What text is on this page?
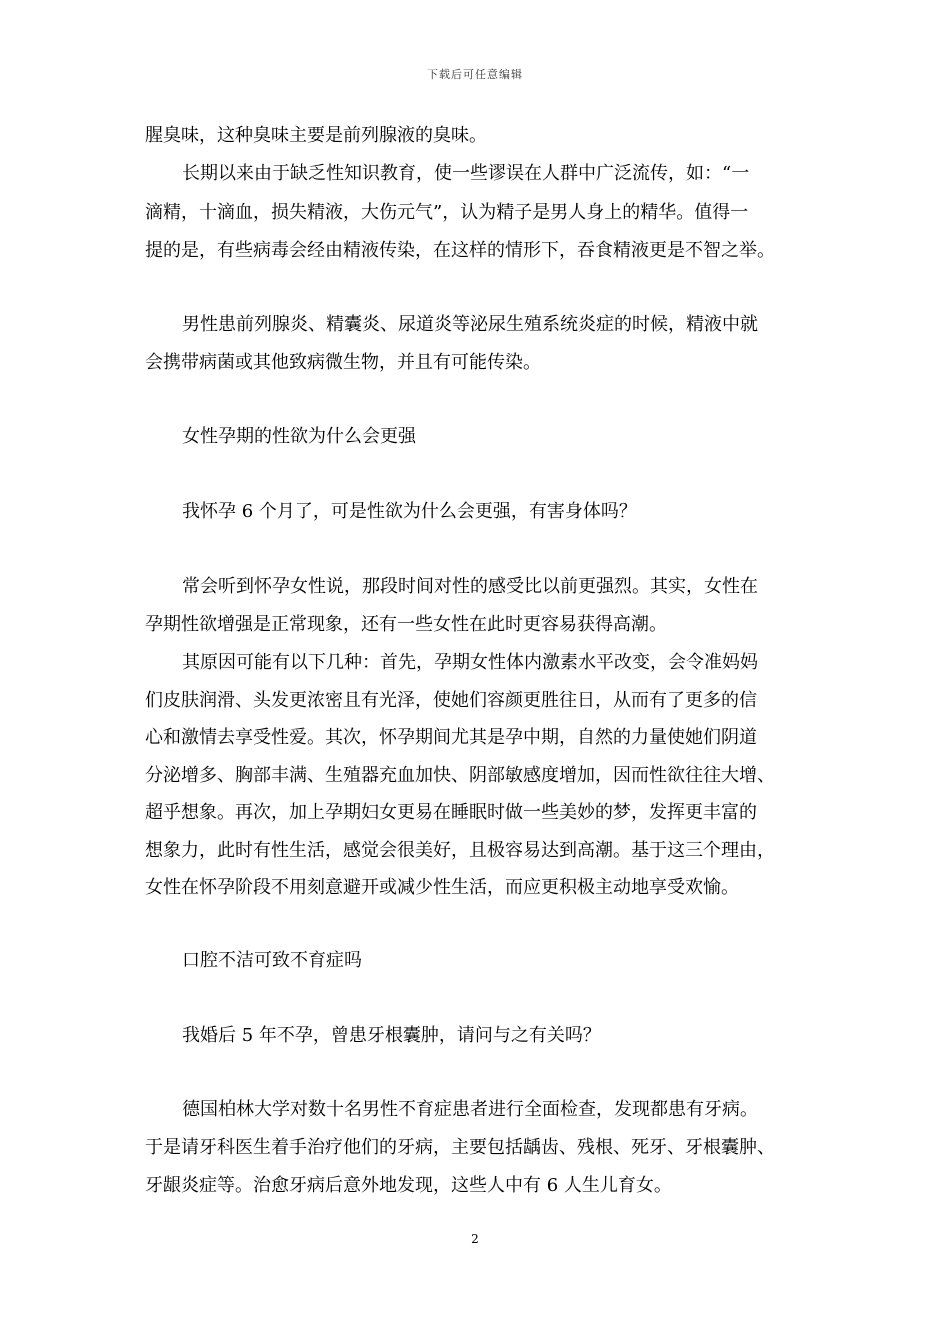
下载后可任意编辑
腥臭味，这种臭味主要是前列腺液的臭味。
长期以来由于缺乏性知识教育，使一些谬误在人群中广泛流传，如：“一
滴精，十滴血，损失精液，大伤元气”，认为精子是男人身上的精华。值得一
提的是，有些病毒会经由精液传染，在这样的情形下，吞食精液更是不智之举。
男性患前列腺炎、精囊炎、尿道炎等泌尿生殖系统炎症的时候，精液中就
会携带病菌或其他致病微生物，并且有可能传染。
女性孕期的性欲为什么会更强
我怀孕 6 个月了，可是性欲为什么会更强，有害身体吗？
常会听到怀孕女性说，那段时间对性的感受比以前更强烈。其实，女性在
孕期性欲增强是正常现象，还有一些女性在此时更容易获得高潮。
其原因可能有以下几种：首先，孕期女性体内激素水平改变，会令准妈妈
们皮肤润滑、头发更浓密且有光泽，使她们容颜更胜往日，从而有了更多的信
心和激情去享受性爱。其次，怀孕期间尤其是孕中期，自然的力量使她们阴道
分泌增多、胸部丰满、生殖器充血加快、阴部敏感度增加，因而性欲往往大增、
超乎想象。再次，加上孕期妇女更易在睡眠时做一些美妙的梦，发挥更丰富的
想象力，此时有性生活，感觉会很美好，且极容易达到高潮。基于这三个理由，
女性在怀孕阶段不用刻意避开或减少性生活，而应更积极主动地享受欢愉。
口腔不洁可致不育症吗
我婚后 5 年不孕，曾患牙根囊肿，请问与之有关吗？
德国柏林大学对数十名男性不育症患者进行全面检查，发现都患有牙病。
于是请牙科医生着手治疗他们的牙病，主要包括龋齿、残根、死牙、牙根囊肿、
牙龈炎症等。治愈牙病后意外地发现，这些人中有 6 人生儿育女。
2
